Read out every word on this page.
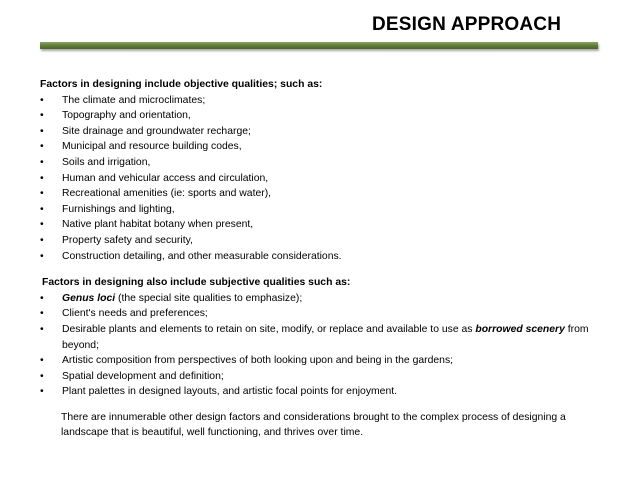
DESIGN APPROACH

Factors in designing include objective qualities; such as:

• The climate and microclimates;
• Topography and orientation,
• Site drainage and groundwater recharge;
• Municipal and resource building codes,
• Soils and irrigation,
• Human and vehicular access and circulation,
• Recreational amenities (ie: sports and water),
• Furnishings and lighting,
• Native plant habitat botany when present,
• Property safety and security,
• Construction detailing, and other measurable considerations.

Factors in designing also include subjective qualities such as:

• Genus loci (the special site qualities to emphasize);
• Client's needs and preferences;
• Desirable plants and elements to retain on site, modify, or replace and available to use as borrowed scenery from beyond;
• Artistic composition from perspectives of both looking upon and being in the gardens;
• Spatial development and definition;
• Plant palettes in designed layouts, and artistic focal points for enjoyment.

There are innumerable other design factors and considerations brought to the complex process of designing a landscape that is beautiful, well functioning, and thrives over time.
